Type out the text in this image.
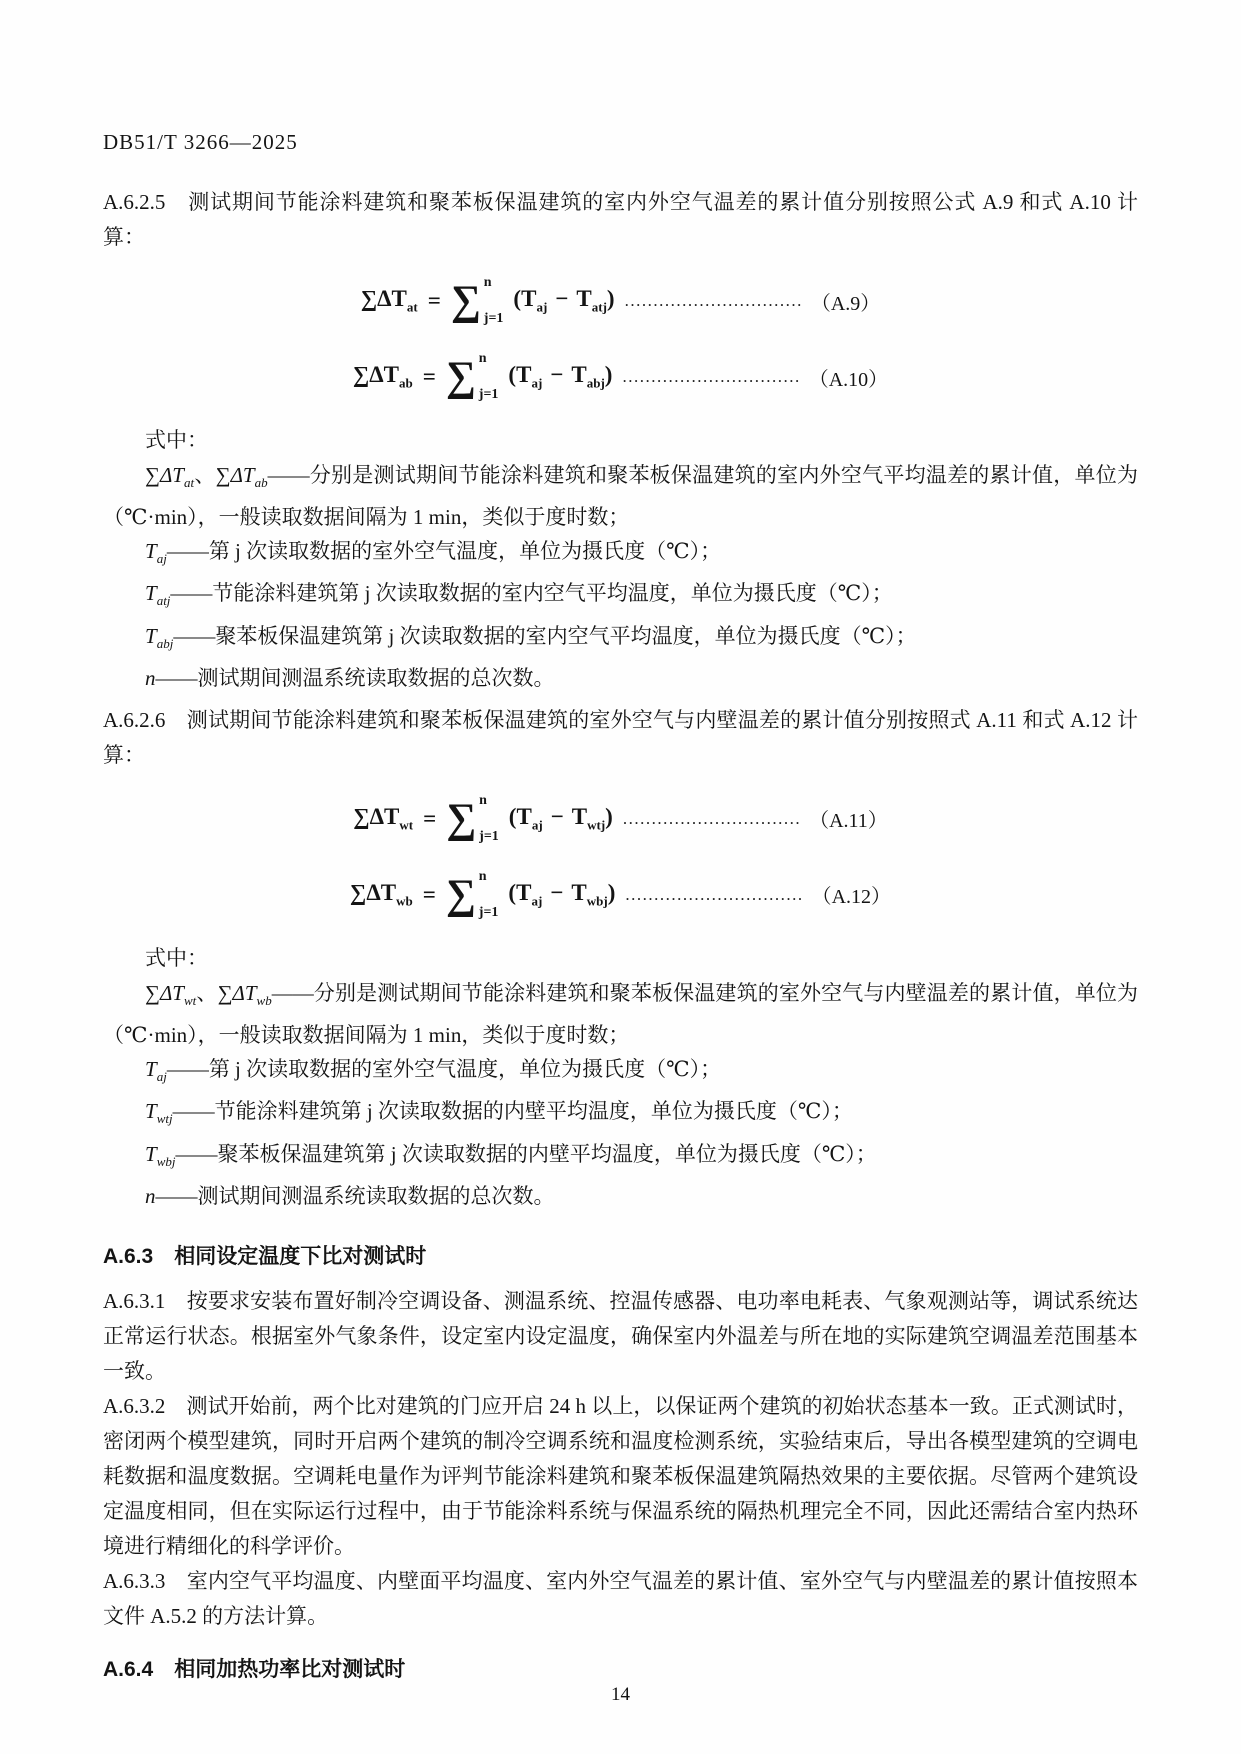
DB51/T 3266—2025

A.6.2.5　测试期间节能涂料建筑和聚苯板保温建筑的室内外空气温差的累计值分别按照公式 A.9 和式 A.10 计算：

$\sum\Delta T_{at}$ = ∑ n
j=1
$(T_{aj} - T_{atj})$ ............................... （A.9）
$\sum\Delta T_{ab}$ = ∑ n
j=1
$(T_{aj} - T_{abj})$ ............................... （A.10）

式中：

$\sum\Delta T_{at}$、$\sum\Delta T_{ab}——$分别是测试期间节能涂料建筑和聚苯板保温建筑的室内外空气平均温差的累计值，单位为（℃·min），一般读取数据间隔为 1 min，类似于度时数；

$T_{aj}——$第 j 次读取数据的室外空气温度，单位为摄氏度（℃）；

$T_{atj}——$节能涂料建筑第 j 次读取数据的室内空气平均温度，单位为摄氏度（℃）；

$T_{abj}——$聚苯板保温建筑第 j 次读取数据的室内空气平均温度，单位为摄氏度（℃）；

n——测试期间测温系统读取数据的总次数。

A.6.2.6　测试期间节能涂料建筑和聚苯板保温建筑的室外空气与内壁温差的累计值分别按照式 A.11 和式 A.12 计算：

$\sum\Delta T_{wt}$ = ∑ n
j=1
$(T_{aj} - T_{wtj})$ ............................... （A.11）
$\sum\Delta T_{wb}$ = ∑ n
j=1
$(T_{aj} - T_{wbj})$ ............................... （A.12）

式中：

$\sum\Delta T_{wt}$、$\sum\Delta T_{wb}——$分别是测试期间节能涂料建筑和聚苯板保温建筑的室外空气与内壁温差的累计值，单位为（℃·min），一般读取数据间隔为 1 min，类似于度时数；

$T_{aj}——$第 j 次读取数据的室外空气温度，单位为摄氏度（℃）；

$T_{wtj}——$节能涂料建筑第 j 次读取数据的内壁平均温度，单位为摄氏度（℃）；

$T_{wbj}——$聚苯板保温建筑第 j 次读取数据的内壁平均温度，单位为摄氏度（℃）；

n——测试期间测温系统读取数据的总次数。

A.6.3　相同设定温度下比对测试时

A.6.3.1　按要求安装布置好制冷空调设备、测温系统、控温传感器、电功率电耗表、气象观测站等，调试系统达正常运行状态。根据室外气象条件，设定室内设定温度，确保室内外温差与所在地的实际建筑空调温差范围基本一致。

A.6.3.2　测试开始前，两个比对建筑的门应开启 24 h 以上，以保证两个建筑的初始状态基本一致。正式测试时，密闭两个模型建筑，同时开启两个建筑的制冷空调系统和温度检测系统，实验结束后，导出各模型建筑的空调电耗数据和温度数据。空调耗电量作为评判节能涂料建筑和聚苯板保温建筑隔热效果的主要依据。尽管两个建筑设定温度相同，但在实际运行过程中，由于节能涂料系统与保温系统的隔热机理完全不同，因此还需结合室内热环境进行精细化的科学评价。

A.6.3.3　室内空气平均温度、内壁面平均温度、室内外空气温差的累计值、室外空气与内壁温差的累计值按照本文件 A.5.2 的方法计算。

A.6.4　相同加热功率比对测试时

14
